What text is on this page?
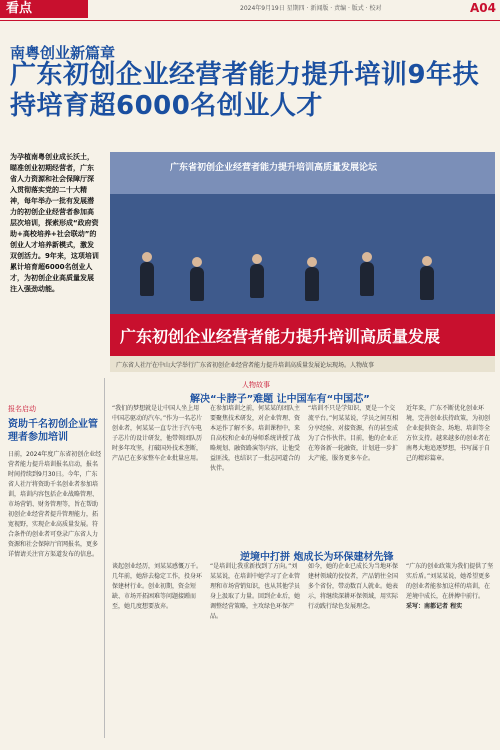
看点	2024年9月19日 星期四 · 新闻版 · 责编 · 版式 · 校对	A04
南粤创业新篇章
广东初创企业经营者能力提升培训9年扶持培育超6000名创业人才
为孕植南粤创业成长沃土，瞄准创业初期经营者，广东省人力资源和社会保障厅深入贯彻落实党的二十大精神，每年举办一批有发展潜力的初创企业经营者参加高层次培训，探索形成“政府资助+高校培养+社会联动”的创业人才培养新模式，激发双创活力。9年来，这项培训累计培育超6000名创业人才，为初创企业高质量发展注入强劲动能。
广东省初创企业经营者能力提升培训高质量发展论坛
广东初创企业经营者能力提升培训高质量发展
广东省人社厅在中山大学举行广东省初创企业经营者能力提升培训高质量发展论坛现场。人物故事
人物故事
解决“卡脖子”难题 让中国车有“中国芯”
报名启动
资助千名初创企业管理者参加培训
日前，2024年度广东省初创企业经营者能力提升培训报名启动，报名时间持续到9月30日。今年，广东省人社厅将资助千名创业者参加培训，培训内容包括企业战略管理、市场营销、财务管理等，旨在帮助初创企业经营者提升管理能力，拓宽视野，实现企业高质量发展。符合条件的创业者可登录广东省人力资源和社会保障厅官网报名，更多详情请关注官方渠道发布的信息。
“我们的梦想就是让中国人坐上用中国芯驱动的汽车。”作为一名芯片创业者，何某某一直专注于汽车电子芯片的设计研发，他带领团队历时多年攻坚，打破国外技术垄断，产品已在多家整车企业批量应用。
在参加培训之前，何某某的团队主要聚焦技术研发，对企业管理、资本运作了解不多。培训课程中，来自高校和企业的导师系统讲授了战略规划、融资路演等内容，让他受益匪浅，也结识了一批志同道合的伙伴。
“培训不只是学知识，更是一个交流平台。”何某某说，学员之间互相分享经验、对接资源，有的甚至成为了合作伙伴。目前，他的企业正在筹备新一轮融资，计划进一步扩大产能，服务更多车企。
近年来，广东不断优化创业环境，完善创业扶持政策，为初创企业提供资金、场地、培训等全方位支持。越来越多的创业者在南粤大地追逐梦想，书写属于自己的精彩篇章。
逆境中打拼 炮成长为环保建材先锋
谈起创业经历，刘某某感慨万千。几年前，她辞去稳定工作，投身环保建材行业。创业初期，资金短缺、市场开拓困难等问题接踵而至，她几度想要放弃。
“是培训让我重新找到了方向。”刘某某说，在培训中她学习了企业管理和市场营销知识，也从其他学员身上汲取了力量。回到企业后，她调整经营策略，主攻绿色环保产品。
如今，她的企业已成长为当地环保建材领域的佼佼者，产品销往全国多个省份，带动数百人就业。她表示，将继续深耕环保领域，用实际行动践行绿色发展理念。
“广东的创业政策为我们提供了坚实后盾。”刘某某说，她希望更多的创业者能参加这样的培训，在逆境中成长，在拼搏中前行。
采写：南都记者 程实
